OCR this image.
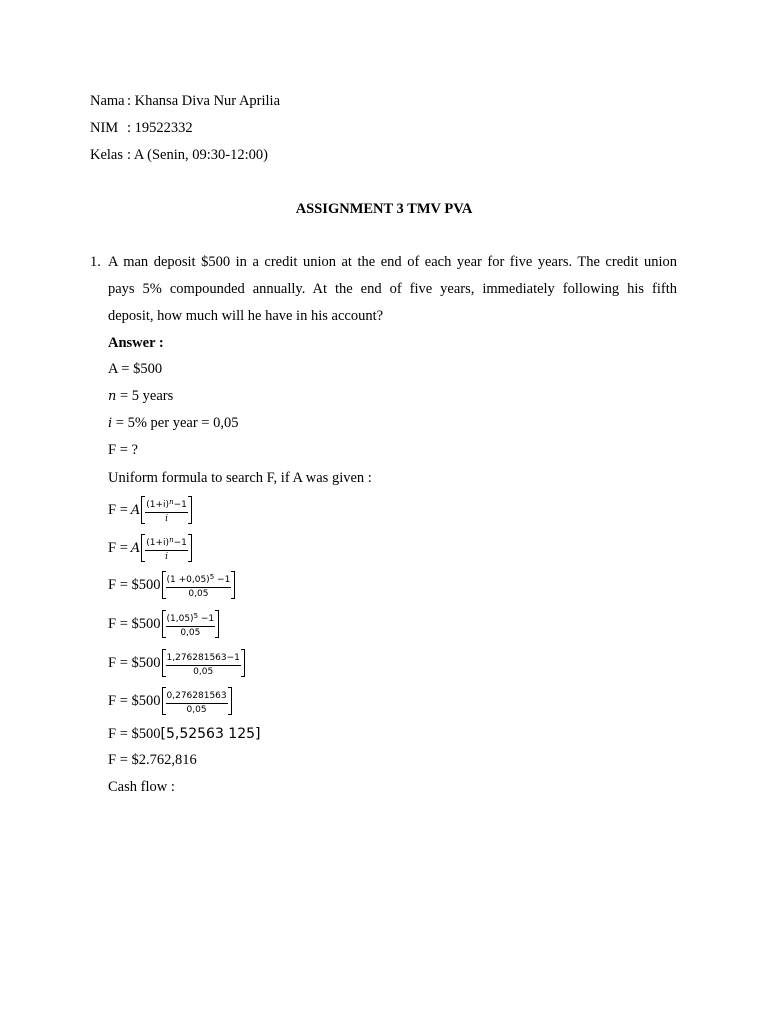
Nama : Khansa Diva Nur Aprilia
NIM : 19522332
Kelas : A (Senin, 09:30-12:00)
ASSIGNMENT 3 TMV PVA
1. A man deposit $500 in a credit union at the end of each year for five years. The credit union
pays 5% compounded annually. At the end of five years, immediately following his fifth
deposit, how much will he have in his account?
Answer :
A = $500
n = 5 years
i = 5% per year = 0,05
F = ?
Uniform formula to search F, if A was given :
F = A $\frac{(1+i)^n-1}{i}$
F = A $\frac{(1+i)^n-1}{i}$
F = $500 $\frac{(1 +0,05)^5 -1}{0,05}$
F = $500 $\frac{(1,05)^5 -1}{0,05}$
F = $500 $\frac{1,276281563-1}{0,05}$
F = $500 $\frac{0,276281563}{0,05}$
F = $500 [5,52563 125]
F = $2.762,816
Cash flow :
